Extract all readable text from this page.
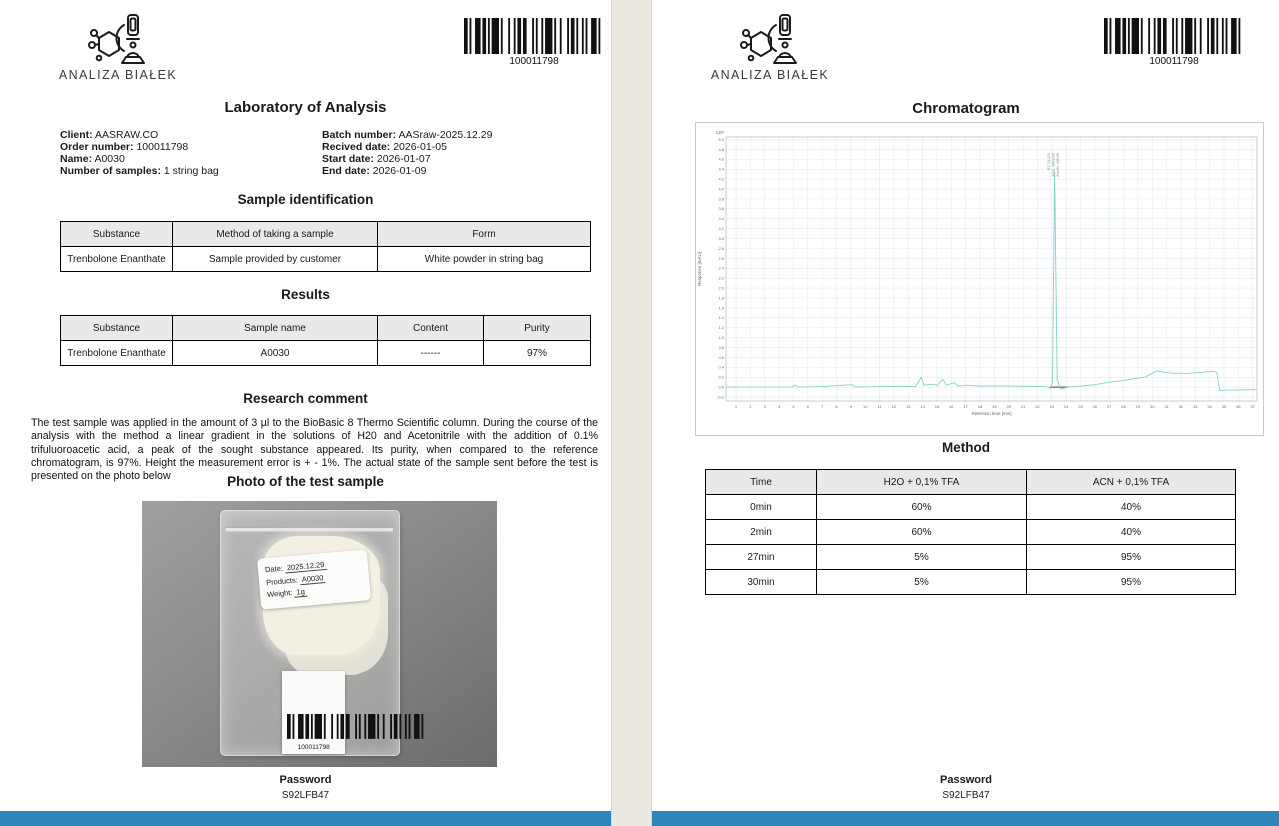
ANALIZA BIAŁEK
100011798
Laboratory of Analysis
Client: AASRAW.CO
Order number: 100011798
Name: A0030
Number of samples: 1 string bag
Batch number: AASraw-2025.12.29
Recived date: 2026-01-05
Start date: 2026-01-07
End date: 2026-01-09
Sample identification
Substance	Method of taking a sample	Form
Trenbolone Enanthate	Sample provided by customer	White powder in string bag
Results
Substance	Sample name	Content	Purity
Trenbolone Enanthate	A0030	------	97%
Research comment
The test sample was applied in the amount of 3 µl to the BioBasic 8 Thermo Scientific column. During the course of the analysis with the method a linear gradient in the solutions of H20 and Acetonitrile with the addition of 0.1% trifuluoroacetic acid, a peak of the sought substance appeared. Its purity, when compared to the reference chromatogram, is 97%. Height the measurement error is + - 1%. The actual state of the sample sent before the test is presented on the photo below	Photo of the test sample
Date: 2025.12.29
Products: A0030
Weight: 1g
100011798
Password
S92LFB47
ANALIZA BIAŁEK
100011798
Chromatogram
1	2	3	4	5	6	7	8	9	10	11	12 13 14 15 16 17 18 19 20 21 22 23 24 25 26 27 28 29 30 31 32 33 34 35 36 37
5.0
4.8
4.6
4.4
4.2
4.0
3.8
3.6
3.4
3.2
3.0
2.8
2.6
2.4
2.2
2.0
1.8
1.6
1.4
1.2
1.0
0.8
0.6
0.4
0.2
0.0
-0.2
x10²
Response [mAU]
Retention time [min]
RT: 23.224 Area: 4961439 Area%: 100.00
Method
Time	H2O + 0,1% TFA	ACN + 0,1% TFA
0min	60%	40%
2min	60%	40%
27min	5%	95%
30min	5%	95%
Password
S92LFB47
